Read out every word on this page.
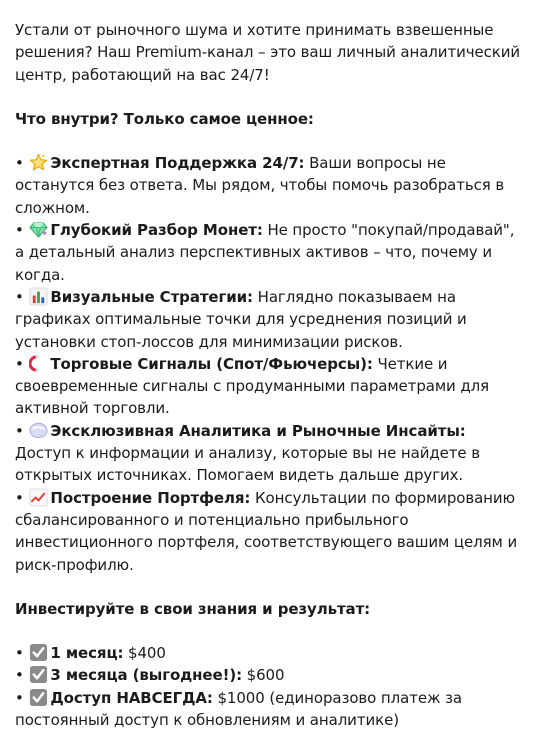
Устали от рыночного шума и хотите принимать взвешенные решения? Наш Premium-канал – это ваш личный аналитический центр, работающий на вас 24/7!

Что внутри? Только самое ценное:

• Экспертная Поддержка 24/7: Ваши вопросы не останутся без ответа. Мы рядом, чтобы помочь разобраться в сложном.

• Глубокий Разбор Монет: Не просто "покупай/продавай", а детальный анализ перспективных активов – что, почему и когда.

• Визуальные Стратегии: Наглядно показываем на графиках оптимальные точки для усреднения позиций и установки стоп-лоссов для минимизации рисков.

• Торговые Сигналы (Спот/Фьючерсы): Четкие и своевременные сигналы с продуманными параметрами для активной торговли.

• Эксклюзивная Аналитика и Рыночные Инсайты: Доступ к информации и анализу, которые вы не найдете в открытых источниках. Помогаем видеть дальше других.

• Построение Портфеля: Консультации по формированию сбалансированного и потенциально прибыльного инвестиционного портфеля, соответствующего вашим целям и риск-профилю.

Инвестируйте в свои знания и результат:

• 1 месяц: $400

• 3 месяца (выгоднее!): $600

• Доступ НАВСЕГДА: $1000 (единоразово платеж за постоянный доступ к обновлениям и аналитике)
